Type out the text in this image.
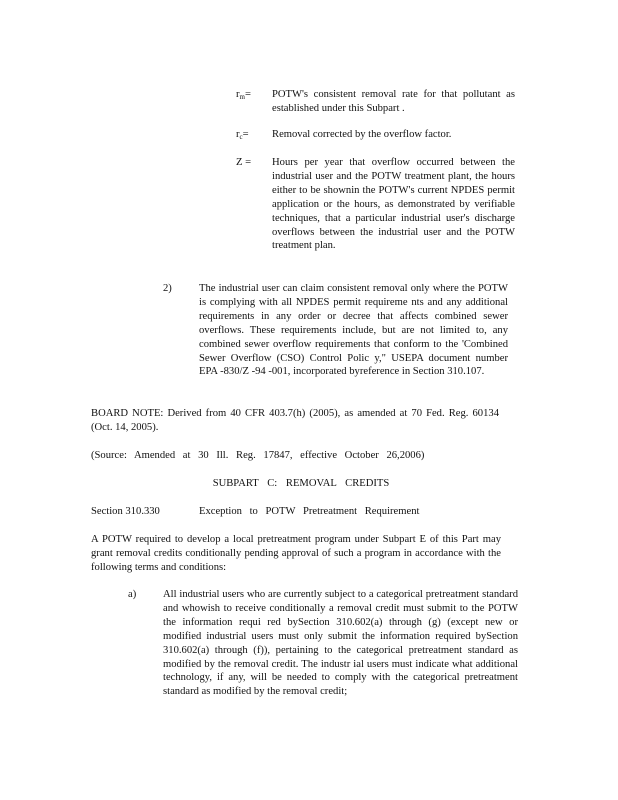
$r_m=$	POTW's consistent removal rate for that pollutant as established under this Subpart .
$r_c=$	Removal corrected by the overflow factor.
Z =	Hours per year that overflow occurred between the industrial user and the POTW treatment plant, the hours either to be shownin the POTW's current NPDES permit application or the hours, as demonstrated by verifiable techniques, that a particular industrial user's discharge overflows between the industrial user and the POTW treatment plan.
2)	The industrial user can claim consistent removal only where the POTW is complying with all NPDES permit requireme nts and any additional requirements in any order or decree that affects combined sewer overflows. These requirements include, but are not limited to, any combined sewer overflow requirements that conform to the 'Combined Sewer Overflow (CSO) Control Polic y," USEPA document number EPA -830/Z -94 -001, incorporated byreference in Section 310.107.
BOARD NOTE: Derived from 40 CFR 403.7(h) (2005), as amended at 70 Fed. Reg. 60134 (Oct. 14, 2005).
(Source: Amended at 30 Ill. Reg. 17847, effective October 26,2006)
SUBPART C: REMOVAL CREDITS
Section 310.330	Exception to POTW Pretreatment Requirement
A POTW required to develop a local pretreatment program under Subpart E of this Part may grant removal credits conditionally pending approval of such a program in accordance with the following terms and conditions:
a)	All industrial users who are currently subject to a categorical pretreatment standard and whowish to receive conditionally a removal credit must submit to the POTW the information requi red bySection 310.602(a) through (g) (except new or modified industrial users must only submit the information required bySection 310.602(a) through (f)), pertaining to the categorical pretreatment standard as modified by the removal credit. The industr ial users must indicate what additional technology, if any, will be needed to comply with the categorical pretreatment standard as modified by the removal credit;
